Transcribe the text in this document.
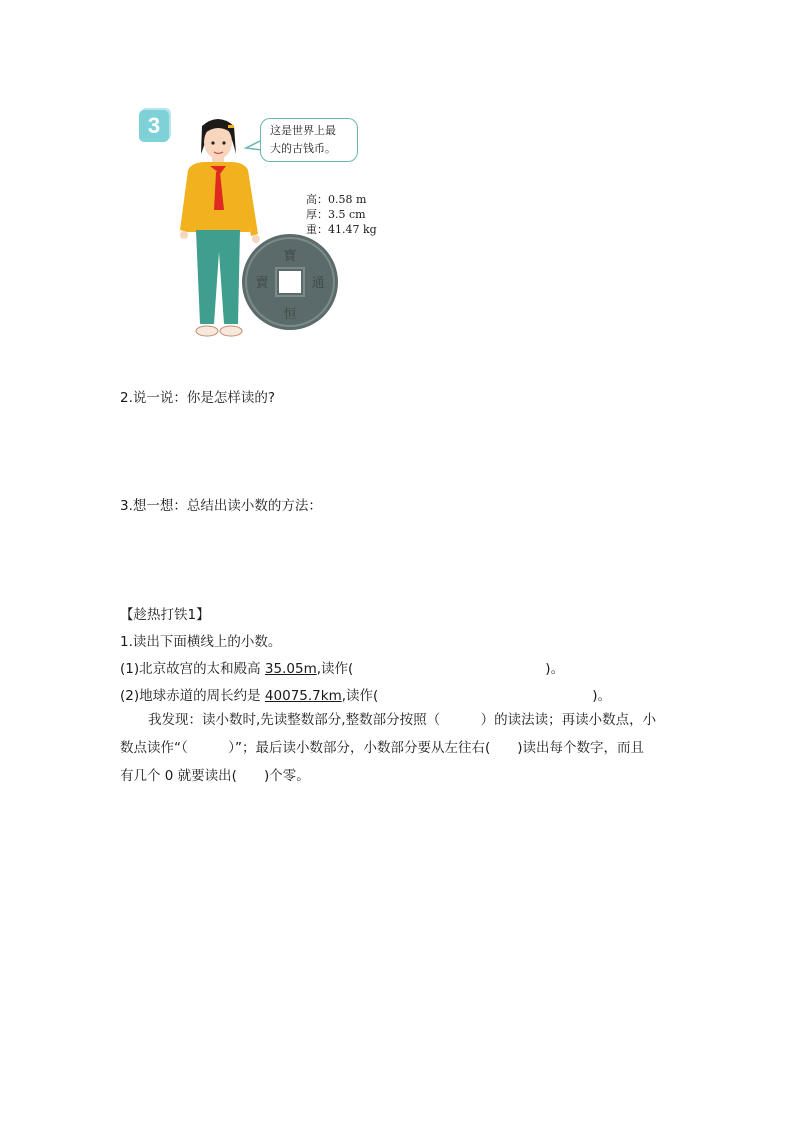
3	这是世界上最
大的古钱币。
高：0.58 m
厚：3.5 cm
重：41.47 kg
寶
通
賣
恒
2.说一说：你是怎样读的?
3.想一想：总结出读小数的方法：
【趁热打铁1】
1.读出下面横线上的小数。
(1)北京故宫的太和殿高 35.05m,读作(	)。
(2)地球赤道的周长约是 40075.7km,读作(	)。
我发现：读小数时,先读整数部分,整数部分按照（　　　）的读法读；再读小数点，小
数点读作“（　　　）”；最后读小数部分，小数部分要从左往右(　　)读出每个数字，而且
有几个 0 就要读出(　　)个零。
